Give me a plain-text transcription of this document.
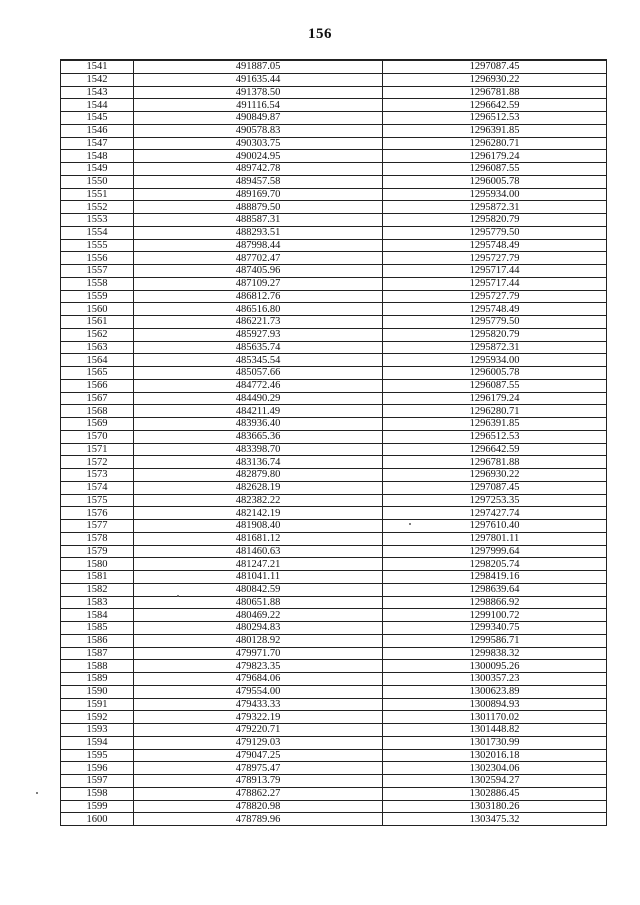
156
1541	491887.05	1297087.45
1542	491635.44	1296930.22
1543	491378.50	1296781.88
1544	491116.54	1296642.59
1545	490849.87	1296512.53
1546	490578.83	1296391.85
1547	490303.75	1296280.71
1548	490024.95	1296179.24
1549	489742.78	1296087.55
1550	489457.58	1296005.78
1551	489169.70	1295934.00
1552	488879.50	1295872.31
1553	488587.31	1295820.79
1554	488293.51	1295779.50
1555	487998.44	1295748.49
1556	487702.47	1295727.79
1557	487405.96	1295717.44
1558	487109.27	1295717.44
1559	486812.76	1295727.79
1560	486516.80	1295748.49
1561	486221.73	1295779.50
1562	485927.93	1295820.79
1563	485635.74	1295872.31
1564	485345.54	1295934.00
1565	485057.66	1296005.78
1566	484772.46	1296087.55
1567	484490.29	1296179.24
1568	484211.49	1296280.71
1569	483936.40	1296391.85
1570	483665.36	1296512.53
1571	483398.70	1296642.59
1572	483136.74	1296781.88
1573	482879.80	1296930.22
1574	482628.19	1297087.45
1575	482382.22	1297253.35
1576	482142.19	1297427.74
1577	481908.40	1297610.40
1578	481681.12	1297801.11
1579	481460.63	1297999.64
1580	481247.21	1298205.74
1581	481041.11	1298419.16
1582	480842.59	1298639.64
1583	480651.88	1298866.92
1584	480469.22	1299100.72
1585	480294.83	1299340.75
1586	480128.92	1299586.71
1587	479971.70	1299838.32
1588	479823.35	1300095.26
1589	479684.06	1300357.23
1590	479554.00	1300623.89
1591	479433.33	1300894.93
1592	479322.19	1301170.02
1593	479220.71	1301448.82
1594	479129.03	1301730.99
1595	479047.25	1302016.18
1596	478975.47	1302304.06
1597	478913.79	1302594.27
1598	478862.27	1302886.45
1599	478820.98	1303180.26
1600	478789.96	1303475.32
